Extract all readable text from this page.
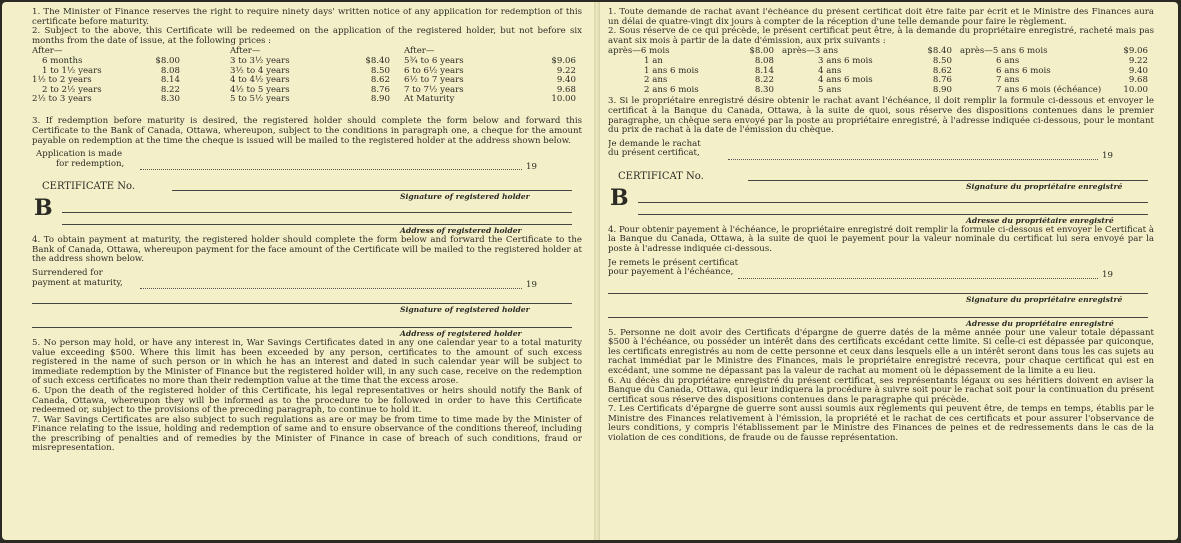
1. The Minister of Finance reserves the right to require ninety days' written notice of any application for redemption of this certificate before maturity.

2. Subject to the above, this Certificate will be redeemed on the application of the registered holder, but not before six months from the date of issue, at the following prices :

After—
6 months	$8.00
1 to 1½ years	8.08
1½ to 2 years	8.14
2 to 2½ years	8.22
2½ to 3 years	8.30
After—
3 to 3½ years	$8.40
3½ to 4 years	8.50
4 to 4½ years	8.62
4½ to 5 years	8.76
5 to 5½ years	8.90
After—
5¾ to 6 years	$9.06
6 to 6½ years	9.22
6½ to 7 years	9.40
7 to 7½ years	9.68
At Maturity	10.00

3. If redemption before maturity is desired, the registered holder should complete the form below and forward this Certificate to the Bank of Canada, Ottawa, whereupon, subject to the conditions in paragraph one, a cheque for the amount payable on redemption at the time the cheque is issued will be mailed to the registered holder at the address shown below.

Application is made
for redemption,	19
CERTIFICATE No.
Signature of registered holder
B
Address of registered holder

4. To obtain payment at maturity, the registered holder should complete the form below and forward the Certificate to the Bank of Canada, Ottawa, whereupon payment for the face amount of the Certificate will be mailed to the registered holder at the address shown below.

Surrendered for
payment at maturity,	19
Signature of registered holder
Address of registered holder

5. No person may hold, or have any interest in, War Savings Certificates dated in any one calendar year to a total maturity value exceeding $500. Where this limit has been exceeded by any person, certificates to the amount of such excess registered in the name of such person or in which he has an interest and dated in such calendar year will be subject to immediate redemption by the Minister of Finance but the registered holder will, in any such case, receive on the redemption of such excess certificates no more than their redemption value at the time that the excess arose.

6. Upon the death of the registered holder of this Certificate, his legal representatives or heirs should notify the Bank of Canada, Ottawa, whereupon they will be informed as to the procedure to be followed in order to have this Certificate redeemed or, subject to the provisions of the preceding paragraph, to continue to hold it.

7. War Savings Certificates are also subject to such regulations as are or may be from time to time made by the Minister of Finance relating to the issue, holding and redemption of same and to ensure observance of the conditions thereof, including the prescribing of penalties and of remedies by the Minister of Finance in case of breach of such conditions, fraud or misrepresentation.

1. Toute demande de rachat avant l'échéance du présent certificat doit être faite par écrit et le Ministre des Finances aura un délai de quatre-vingt dix jours à compter de la réception d'une telle demande pour faire le règlement.

2. Sous réserve de ce qui précède, le présent certificat peut être, à la demande du propriétaire enregistré, racheté mais pas avant six mois à partir de la date d'émission, aux prix suivants :

après—6 mois	$8.00
1 an	8.08
1 ans 6 mois	8.14
2 ans	8.22
2 ans 6 mois	8.30
après—3 ans	$8.40
3 ans 6 mois	8.50
4 ans	8.62
4 ans 6 mois	8.76
5 ans	8.90
après—5 ans 6 mois	$9.06
6 ans	9.22
6 ans 6 mois	9.40
7 ans	9.68
7 ans 6 mois (échéance)	10.00

3. Si le propriétaire enregistré désire obtenir le rachat avant l'échéance, il doit remplir la formule ci-dessous et envoyer le certificat à la Banque du Canada, Ottawa, à la suite de quoi, sous réserve des dispositions contenues dans le premier paragraphe, un chèque sera envoyé par la poste au propriétaire enregistré, à l'adresse indiquée ci-dessous, pour le montant du prix de rachat à la date de l'émission du chèque.

Je demande le rachat
du présent certificat,	19
CERTIFICAT No.
Signature du propriétaire enregistré
B
Adresse du propriétaire enregistré

4. Pour obtenir payement à l'échéance, le propriétaire enregistré doit remplir la formule ci-dessous et envoyer le Certificat à la Banque du Canada, Ottawa, à la suite de quoi le payement pour la valeur nominale du certificat lui sera envoyé par la poste à l'adresse indiquée ci-dessous.

Je remets le présent certificat
pour payement à l'échéance,	19
Signature du propriétaire enregistré
Adresse du propriétaire enregistré

5. Personne ne doit avoir des Certificats d'épargne de guerre datés de la même année pour une valeur totale dépassant $500 à l'échéance, ou posséder un intérêt dans des certificats excédant cette limite. Si celle-ci est dépassée par quiconque, les certificats enregistrés au nom de cette personne et ceux dans lesquels elle a un intérêt seront dans tous les cas sujets au rachat immédiat par le Ministre des Finances, mais le propriétaire enregistré recevra, pour chaque certificat qui est en excédant, une somme ne dépassant pas la valeur de rachat au moment où le dépassement de la limite a eu lieu.

6. Au décès du propriétaire enregistré du présent certificat, ses représentants légaux ou ses héritiers doivent en aviser la Banque du Canada, Ottawa, qui leur indiquera la procédure à suivre soit pour le rachat soit pour la continuation du présent certificat sous réserve des dispositions contenues dans le paragraphe qui précède.

7. Les Certificats d'épargne de guerre sont aussi soumis aux règlements qui peuvent être, de temps en temps, établis par le Ministre des Finances relativement à l'émission, la propriété et le rachat de ces certificats et pour assurer l'observance de leurs conditions, y compris l'établissement par le Ministre des Finances de peines et de redressements dans le cas de la violation de ces conditions, de fraude ou de fausse représentation.
